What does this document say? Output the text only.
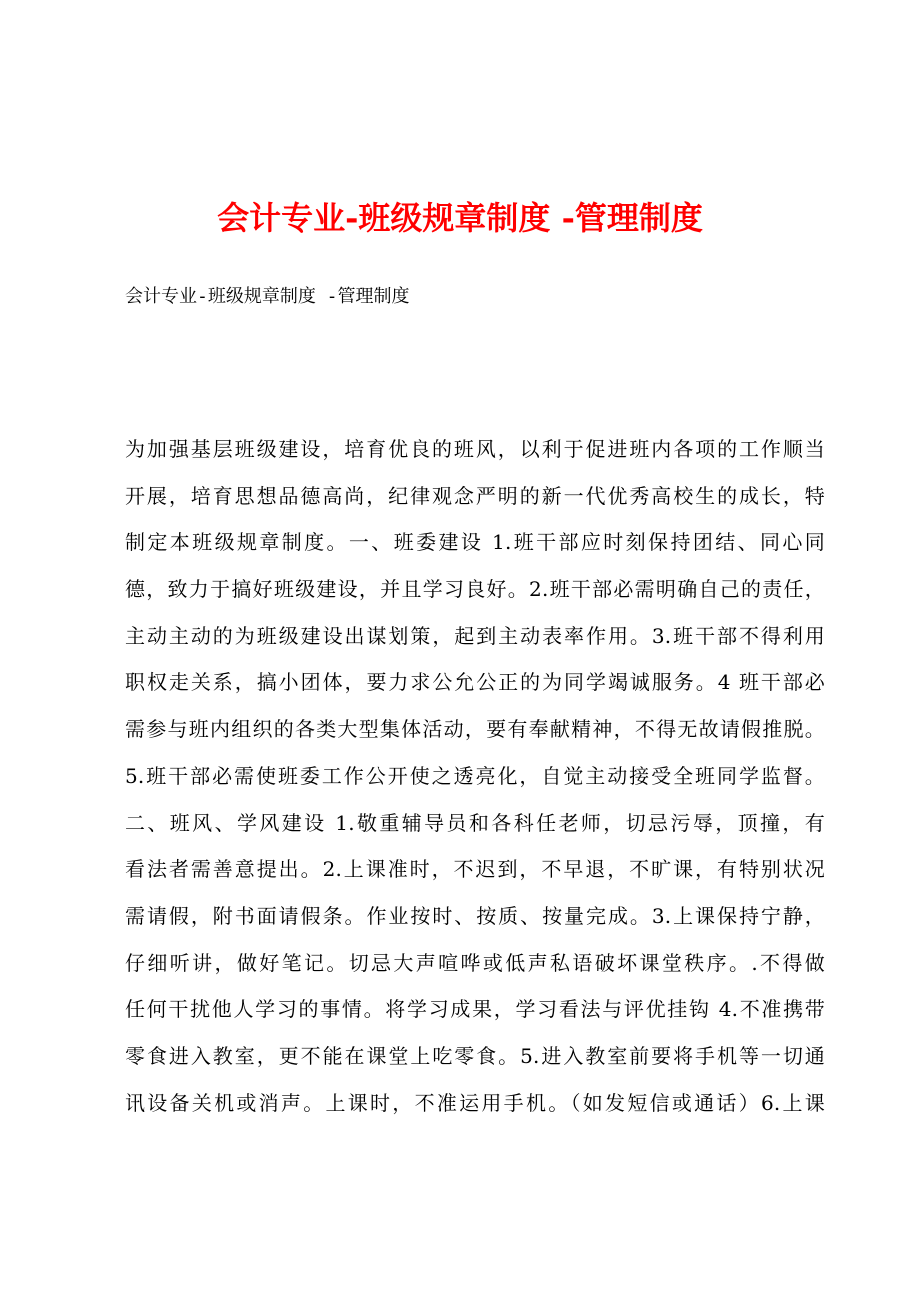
会计专业-班级规章制度 -管理制度

会计专业-班级规章制度 -管理制度

为加强基层班级建设，培育优良的班风，以利于促进班内各项的工作顺当
开展，培育思想品德高尚，纪律观念严明的新一代优秀高校生的成长，特
制定本班级规章制度。一、班委建设 1.班干部应时刻保持团结、同心同
德，致力于搞好班级建设，并且学习良好。2.班干部必需明确自己的责任，
主动主动的为班级建设出谋划策，起到主动表率作用。3.班干部不得利用
职权走关系，搞小团体，要力求公允公正的为同学竭诚服务。4 班干部必
需参与班内组织的各类大型集体活动，要有奉献精神，不得无故请假推脱。
5.班干部必需使班委工作公开使之透亮化，自觉主动接受全班同学监督。
二、班风、学风建设 1.敬重辅导员和各科任老师，切忌污辱，顶撞，有
看法者需善意提出。2.上课准时，不迟到，不早退，不旷课，有特别状况
需请假，附书面请假条。作业按时、按质、按量完成。3.上课保持宁静，
仔细听讲，做好笔记。切忌大声喧哗或低声私语破坏课堂秩序。.不得做
任何干扰他人学习的事情。将学习成果，学习看法与评优挂钩 4.不准携带
零食进入教室，更不能在课堂上吃零食。5.进入教室前要将手机等一切通
讯设备关机或消声。上课时，不准运用手机。（如发短信或通话）6.上课
